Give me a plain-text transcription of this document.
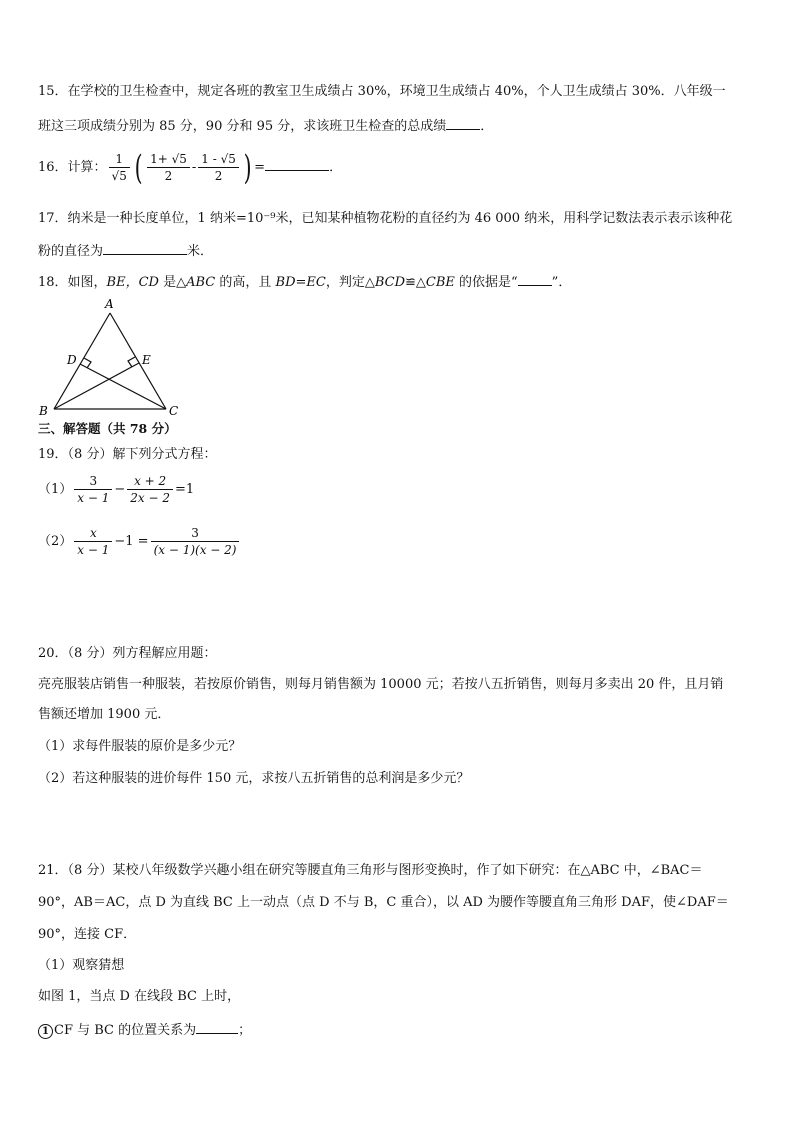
15．在学校的卫生检查中，规定各班的教室卫生成绩占 30%，环境卫生成绩占 40%，个人卫生成绩占 30%．八年级一
班这三项成绩分别为 85 分，90 分和 95 分，求该班卫生检查的总成绩	．
16．计算： $\frac{1}{√5}$ ( $\frac{1+ √5}{2} - \frac{1 - √5}{2}$ ) =	．
17．纳米是一种长度单位，1 纳米=10⁻⁹米，已知某种植物花粉的直径约为 46 000 纳米，用科学记数法表示表示该种花
粉的直径为	米．
18．如图，BE，CD 是△ABC 的高，且 BD=EC，判定△BCD≌△CBE 的依据是“	”．
A
B	C
D	E
三、解答题（共 78 分）
19．（8 分）解下列分式方程：
$(1) \frac{3}{x - 1} - \frac{x + 2}{2x - 2} =1$
$(2) \frac{x}{x - 1} -1 = \frac{3}{(x - 1)(x - 2)}$
20．（8 分）列方程解应用题：
亮亮服装店销售一种服装，若按原价销售，则每月销售额为 10000 元；若按八五折销售，则每月多卖出 20 件，且月销
售额还增加 1900 元．
（1）求每件服装的原价是多少元？
（2）若这种服装的进价每件 150 元，求按八五折销售的总利润是多少元？
21．（8 分）某校八年级数学兴趣小组在研究等腰直角三角形与图形变换时，作了如下研究：在△ABC 中，∠BAC＝
90°，AB＝AC，点 D 为直线 BC 上一动点（点 D 不与 B，C 重合），以 AD 为腰作等腰直角三角形 DAF，使∠DAF＝
90°，连接 CF．
（1）观察猜想
如图 1，当点 D 在线段 BC 上时，
1 CF 与 BC 的位置关系为	；
